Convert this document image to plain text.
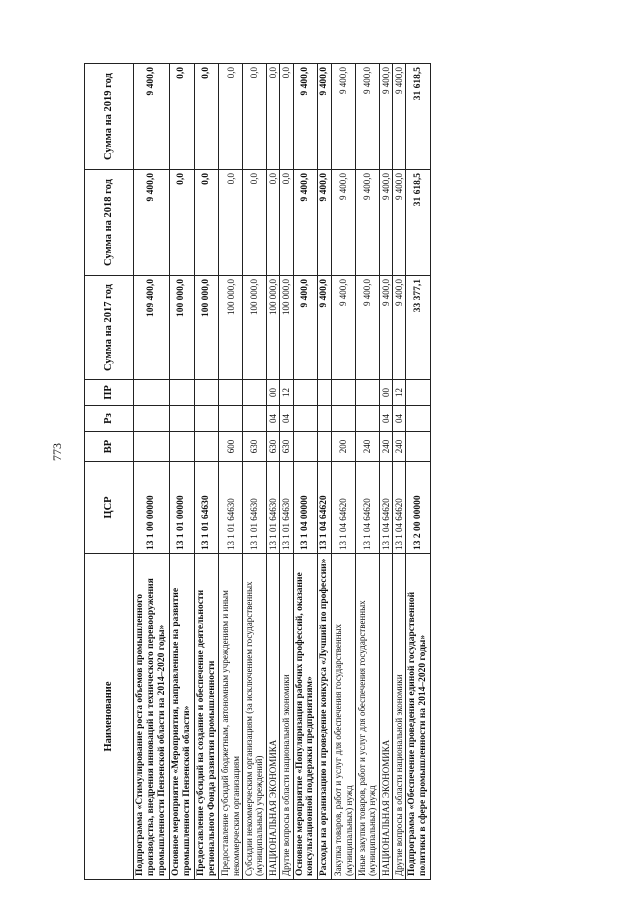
773
Наименование	ЦСР	ВР	Рз	ПР	Сумма на 2017 год	Сумма на 2018 год	Сумма на 2019 год
Подпрограмма «Стимулирование роста объемов промышленного производства, внедрения инноваций и технического перевооружения промышленности Пензенской области на 2014–2020 годы»	13 1 00 00000				109 400,0	9 400,0	9 400,0
Основное мероприятие «Мероприятия, направленные на развитие промышленности Пензенской области»	13 1 01 00000				100 000,0	0,0	0,0
Предоставление субсидий на создание и обеспечение деятельности регионального Фонда развития промышленности	13 1 01 64630				100 000,0	0,0	0,0
Предоставление субсидий бюджетным, автономным учреждениям и иным некоммерческим организациям	13 1 01 64630	600			100 000,0	0,0	0,0
Субсидии некоммерческим организациям (за исключением государственных (муниципальных) учреждений)	13 1 01 64630	630			100 000,0	0,0	0,0
НАЦИОНАЛЬНАЯ ЭКОНОМИКА	13 1 01 64630	630	04	00	100 000,0	0,0	0,0
Другие вопросы в области национальной экономики	13 1 01 64630	630	04	12	100 000,0	0,0	0,0
Основное мероприятие «Популяризация рабочих профессий, оказание консультационной поддержки предприятиям»	13 1 04 00000				9 400,0	9 400,0	9 400,0
Расходы на организацию и проведение конкурса «Лучший по профессии»	13 1 04 64620				9 400,0	9 400,0	9 400,0
Закупка товаров, работ и услуг для обеспечения государственных (муниципальных) нужд	13 1 04 64620	200			9 400,0	9 400,0	9 400,0
Иные закупки товаров, работ и услуг для обеспечения государственных (муниципальных) нужд	13 1 04 64620	240			9 400,0	9 400,0	9 400,0
НАЦИОНАЛЬНАЯ ЭКОНОМИКА	13 1 04 64620	240	04	00	9 400,0	9 400,0	9 400,0
Другие вопросы в области национальной экономики	13 1 04 64620	240	04	12	9 400,0	9 400,0	9 400,0
Подпрограмма «Обеспечение проведения единой государственной политики в сфере промышленности на 2014–2020 годы»	13 2 00 00000				33 377,1	31 618,5	31 618,5
